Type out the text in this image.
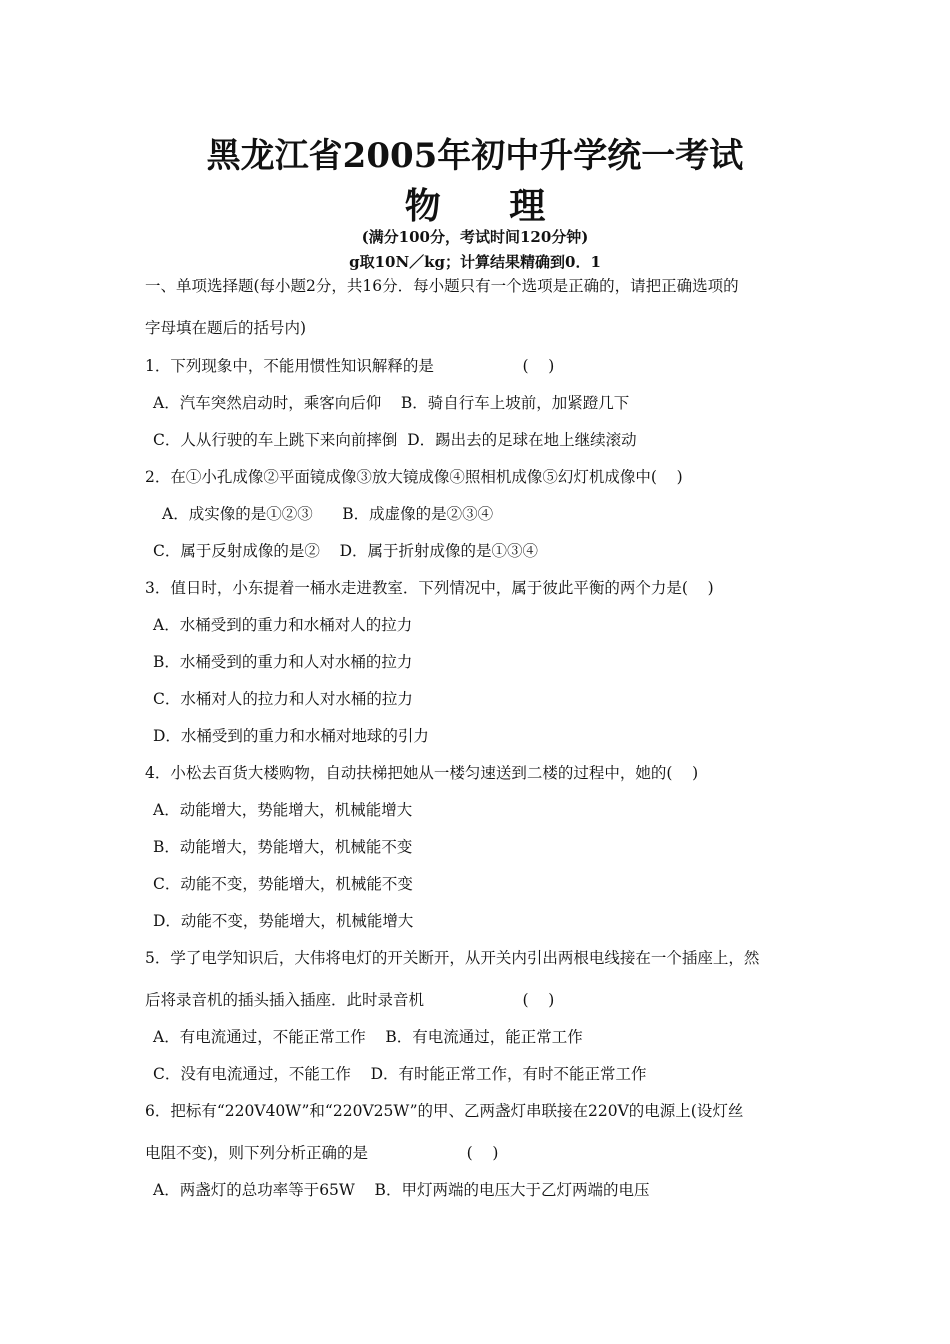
黑龙江省2005年初中升学统一考试
物 理
(满分100分，考试时间120分钟)
g取10N／kg；计算结果精确到0．1
一、单项选择题(每小题2分，共16分．每小题只有一个选项是正确的，请把正确选项的
字母填在题后的括号内)
1．下列现象中，不能用惯性知识解释的是                  (    )
A．汽车突然启动时，乘客向后仰    B．骑自行车上坡前，加紧蹬几下
C．人从行驶的车上跳下来向前摔倒  D．踢出去的足球在地上继续滚动
2．在①小孔成像②平面镜成像③放大镜成像④照相机成像⑤幻灯机成像中(    )
A．成实像的是①②③      B．成虚像的是②③④
C．属于反射成像的是②    D．属于折射成像的是①③④
3．值日时，小东提着一桶水走进教室．下列情况中，属于彼此平衡的两个力是(    )
A．水桶受到的重力和水桶对人的拉力
B．水桶受到的重力和人对水桶的拉力
C．水桶对人的拉力和人对水桶的拉力
D．水桶受到的重力和水桶对地球的引力
4．小松去百货大楼购物，自动扶梯把她从一楼匀速送到二楼的过程中，她的(    )
A．动能增大，势能增大，机械能增大
B．动能增大，势能增大，机械能不变
C．动能不变，势能增大，机械能不变
D．动能不变，势能增大，机械能增大
5．学了电学知识后，大伟将电灯的开关断开，从开关内引出两根电线接在一个插座上，然
后将录音机的插头插入插座．此时录音机                    (    )
A．有电流通过，不能正常工作    B．有电流通过，能正常工作
C．没有电流通过，不能工作    D．有时能正常工作，有时不能正常工作
6．把标有“220V40W”和“220V25W”的甲、乙两盏灯串联接在220V的电源上(设灯丝
电阻不变)，则下列分析正确的是                    (    )
A．两盏灯的总功率等于65W    B．甲灯两端的电压大于乙灯两端的电压
